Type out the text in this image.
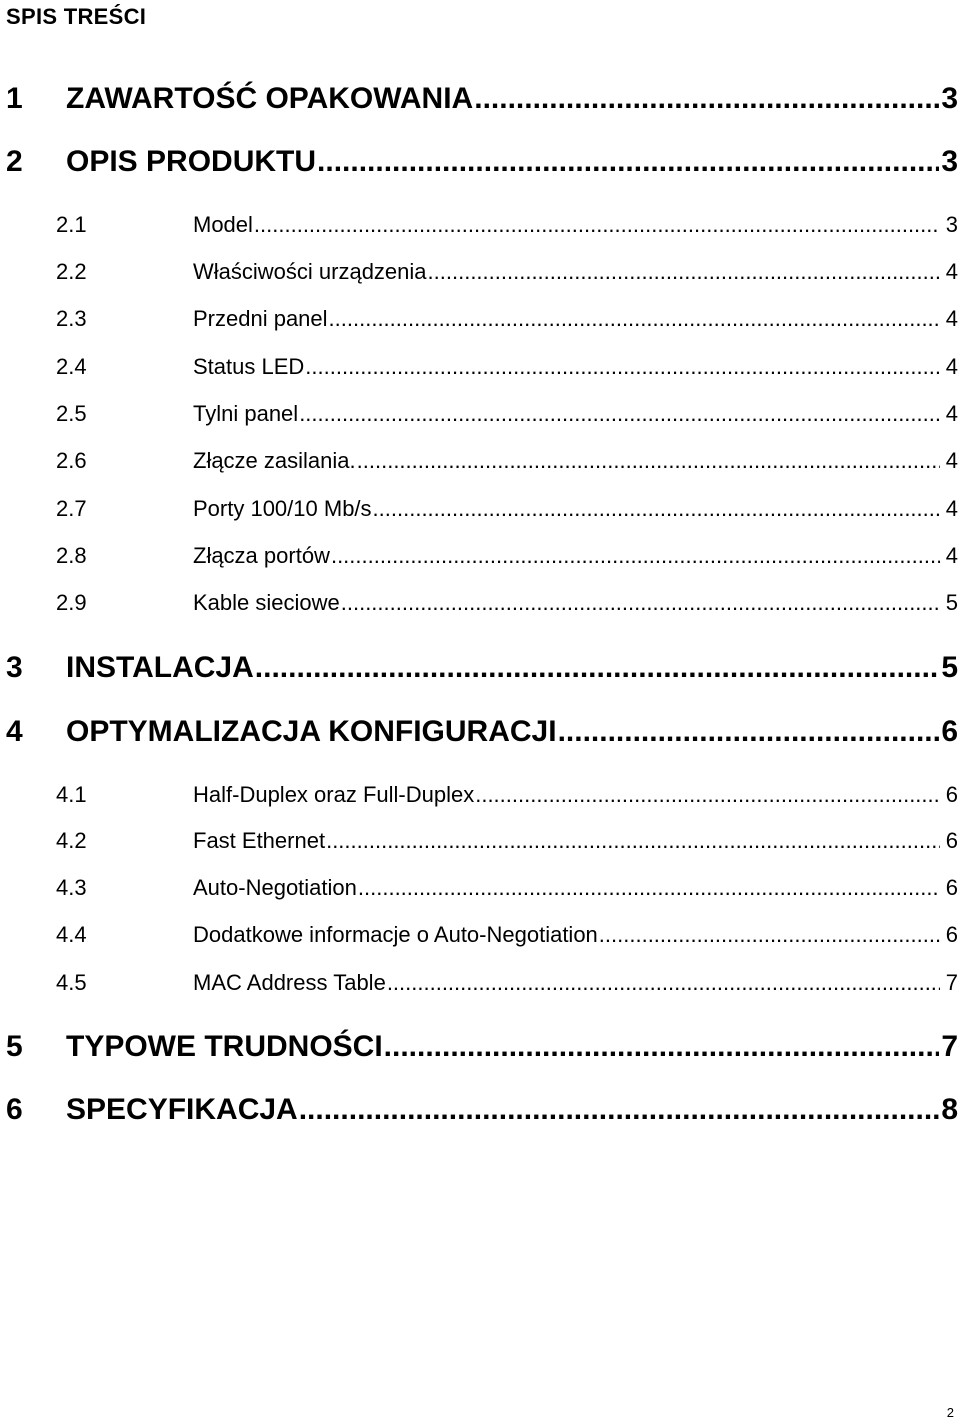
SPIS TREŚCI
1	ZAWARTOŚĆ OPAKOWANIA .....	3
2	OPIS PRODUKTU .....	3
2.1	Model .....	3
2.2	Właściwości urządzenia .....	4
2.3	Przedni panel .....	4
2.4	Status LED .....	4
2.5	Tylni panel .....	4
2.6	Złącze zasilania. .....	4
2.7	Porty 100/10 Mb/s .....	4
2.8	Złącza portów .....	4
2.9	Kable sieciowe .....	5
3	INSTALACJA .....	5
4	OPTYMALIZACJA KONFIGURACJI .....	6
4.1	Half-Duplex oraz Full-Duplex .....	6
4.2	Fast Ethernet .....	6
4.3	Auto-Negotiation .....	6
4.4	Dodatkowe informacje o Auto-Negotiation .....	6
4.5	MAC Address Table .....	7
5	TYPOWE TRUDNOŚCI .....	7
6	SPECYFIKACJA .....	8
2
